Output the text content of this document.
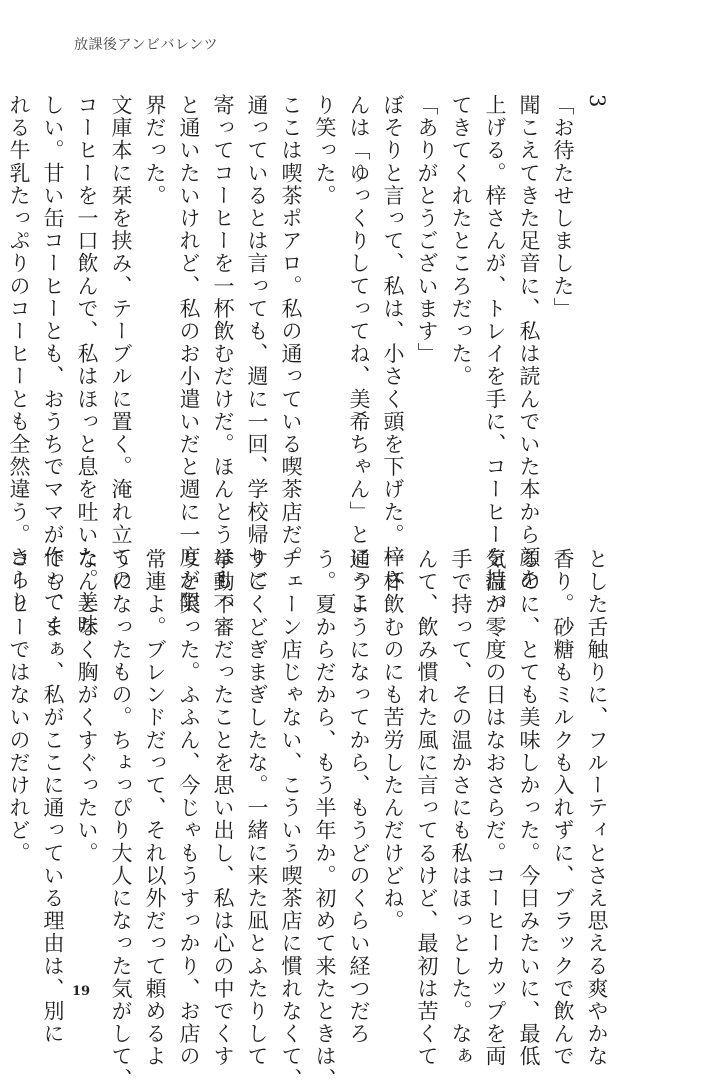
放課後アンビバレンツ
3
「お待たせしました」
聞こえてきた足音に、私は読んでいた本から顔を
上げる。梓さんが、トレイを手に、コーヒーを持っ
てきてくれたところだった。
「ありがとうございます」
ぼそりと言って、私は、小さく頭を下げた。梓さ
んは「ゆっくりしてってね、美希ちゃん」とにっこ
り笑った。
ここは喫茶ポアロ。私の通っている喫茶店だ。
通っているとは言っても、週に一回、学校帰りに
寄ってコーヒーを一杯飲むだけだ。ほんとうはもっ
と通いたいけれど、私のお小遣いだと週に一度が限
界だった。
文庫本に栞を挟み、テーブルに置く。淹れ立ての
コーヒーを一口飲んで、私はほっと息を吐いた。美味
しい。甘い缶コーヒーとも、おうちでママが作ってく
れる牛乳たっぷりのコーヒーとも全然違う。さらり
とした舌触りに、フルーティとさえ思える爽やかな
香り。砂糖もミルクも入れずに、ブラックで飲んで
るのに、とても美味しかった。今日みたいに、最低
気温が零度の日はなおさらだ。コーヒーカップを両
手で持って、その温かさにも私はほっとした。なぁ
んて、飲み慣れた風に言ってるけど、最初は苦くて
一杯飲むのにも苦労したんだけどね。
通うようになってから、もうどのくらい経つだろ
う。夏からだから、もう半年か。初めて来たときは、
チェーン店じゃない、こういう喫茶店に慣れなくて、
すごくどぎまぎしたな。一緒に来た凪とふたりして
挙動不審だったことを思い出し、私は心の中でくす
りと笑った。ふふん、今じゃもうすっかり、お店の
常連よ。ブレンドだって、それ以外だって頼めるよ
うになったもの。ちょっぴり大人になった気がして、
なんとなく胸がくすぐったい。
でも、まぁ、私がここに通っている理由は、別に
コーヒーではないのだけれど。
19
